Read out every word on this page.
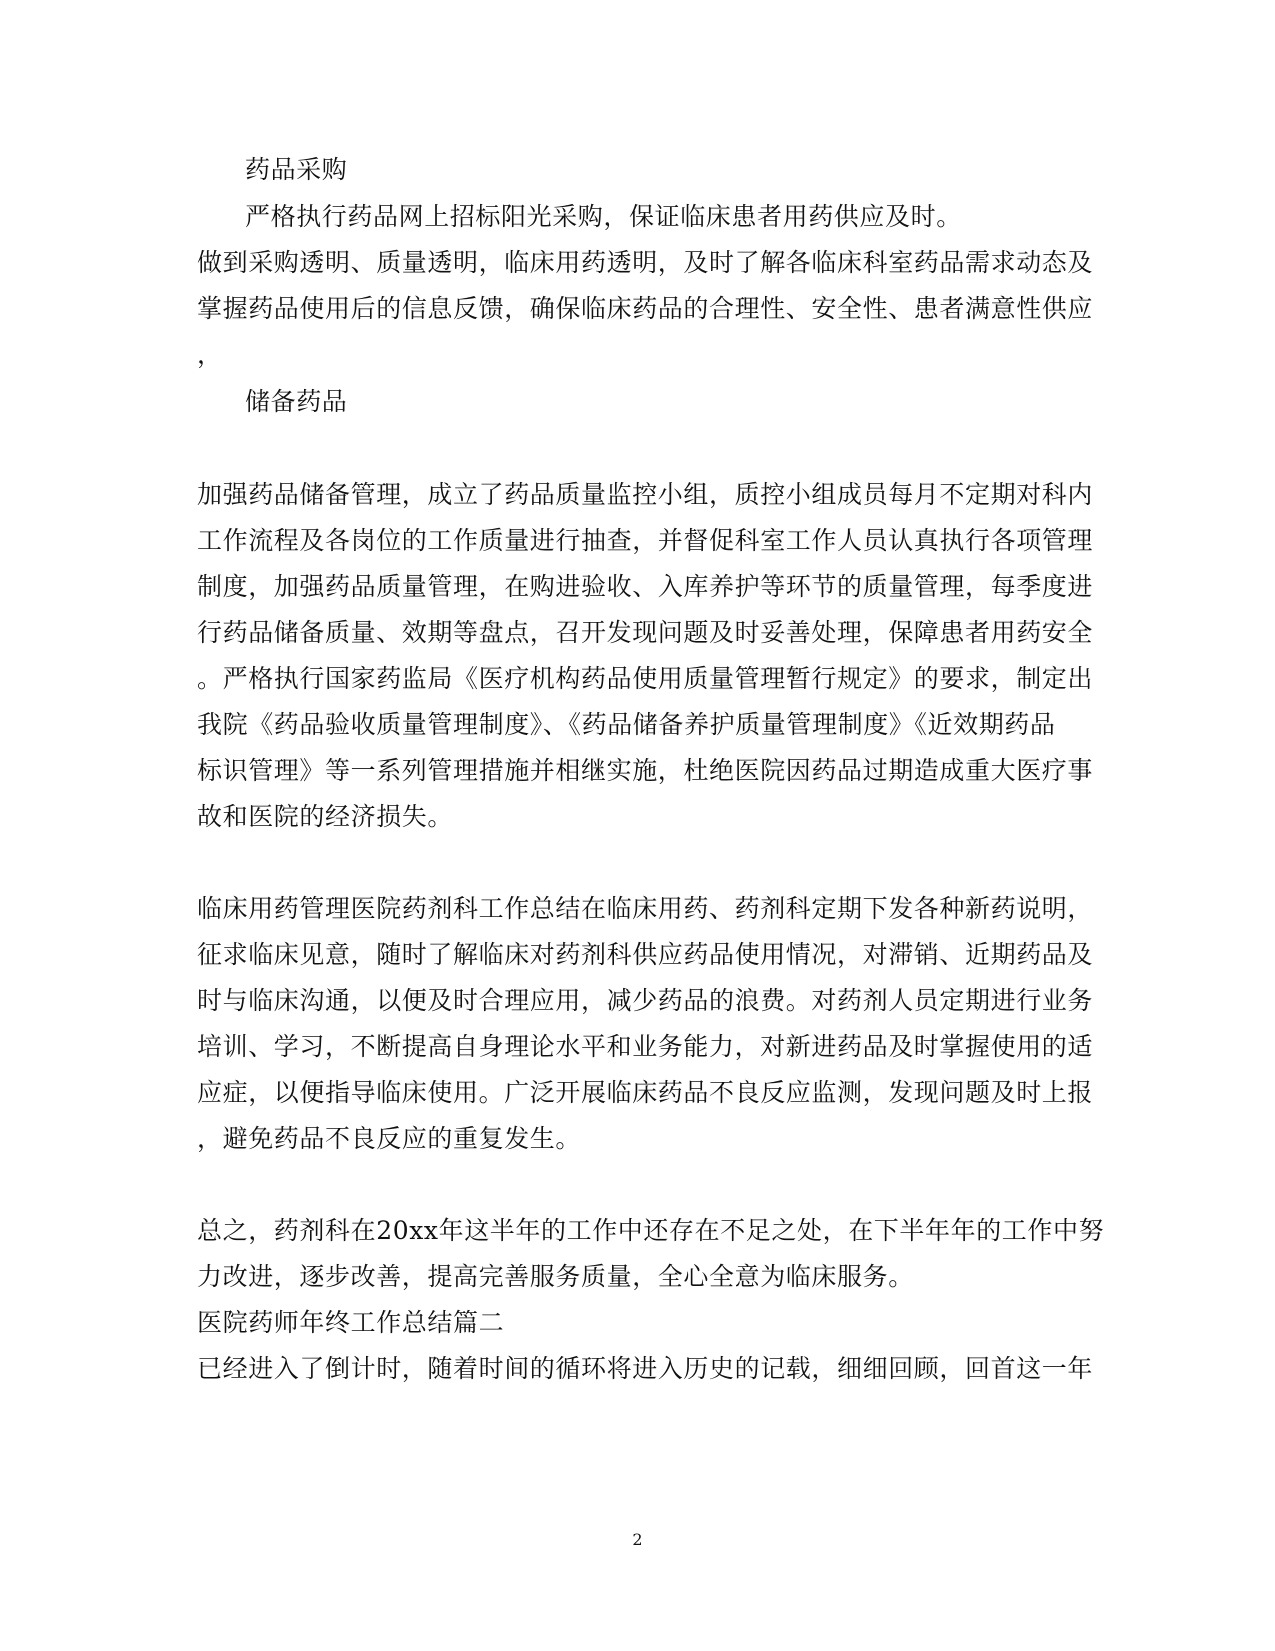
药品采购
严格执行药品网上招标阳光采购，保证临床患者用药供应及时。
做到采购透明、质量透明，临床用药透明，及时了解各临床科室药品需求动态及
掌握药品使用后的信息反馈，确保临床药品的合理性、安全性、患者满意性供应
，
储备药品
加强药品储备管理，成立了药品质量监控小组，质控小组成员每月不定期对科内
工作流程及各岗位的工作质量进行抽查，并督促科室工作人员认真执行各项管理
制度，加强药品质量管理，在购进验收、入库养护等环节的质量管理，每季度进
行药品储备质量、效期等盘点，召开发现问题及时妥善处理，保障患者用药安全
。严格执行国家药监局《医疗机构药品使用质量管理暂行规定》的要求，制定出
我院《药品验收质量管理制度》、《药品储备养护质量管理制度》《近效期药品
标识管理》等一系列管理措施并相继实施，杜绝医院因药品过期造成重大医疗事
故和医院的经济损失。
临床用药管理医院药剂科工作总结在临床用药、药剂科定期下发各种新药说明，
征求临床见意，随时了解临床对药剂科供应药品使用情况，对滞销、近期药品及
时与临床沟通，以便及时合理应用，减少药品的浪费。对药剂人员定期进行业务
培训、学习，不断提高自身理论水平和业务能力，对新进药品及时掌握使用的适
应症，以便指导临床使用。广泛开展临床药品不良反应监测，发现问题及时上报
，避免药品不良反应的重复发生。
总之，药剂科在20xx年这半年的工作中还存在不足之处，在下半年年的工作中努
力改进，逐步改善，提高完善服务质量，全心全意为临床服务。
医院药师年终工作总结篇二
已经进入了倒计时，随着时间的循环将进入历史的记载，细细回顾，回首这一年
2
